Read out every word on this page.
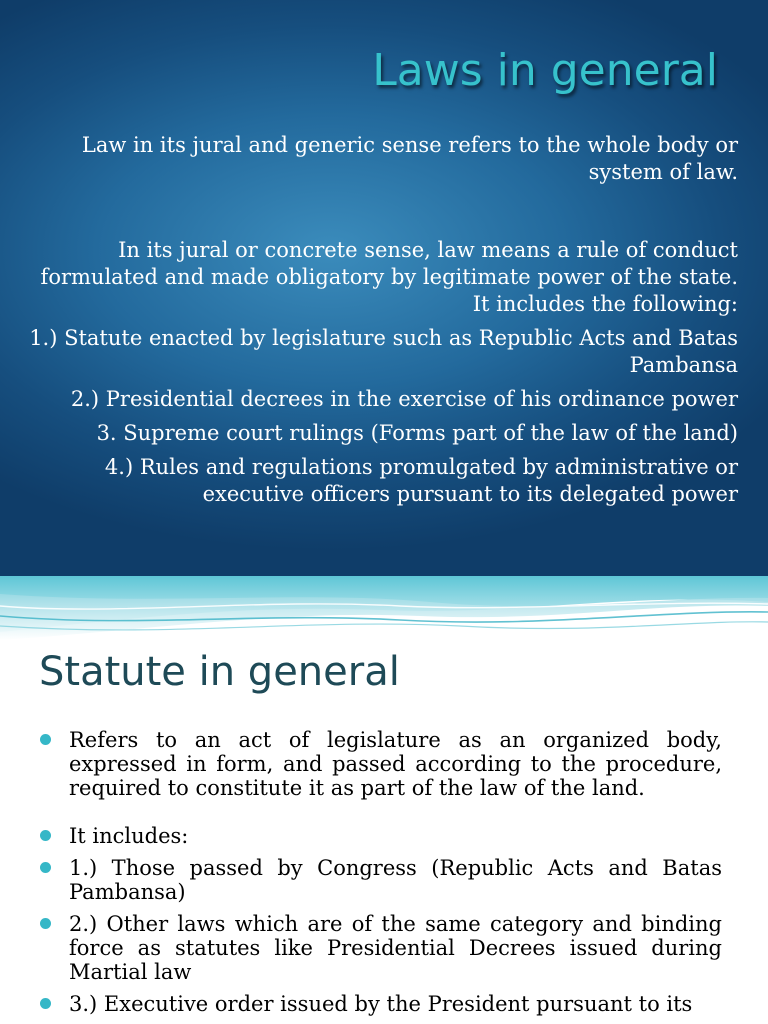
Laws in general

Law in its jural and generic sense refers to the whole body or system of law.

In its jural or concrete sense, law means a rule of conduct formulated and made obligatory by legitimate power of the state.

It includes the following:

1.) Statute enacted by legislature such as Republic Acts and Batas Pambansa

2.) Presidential decrees in the exercise of his ordinance power

3. Supreme court rulings (Forms part of the law of the land)

4.) Rules and regulations promulgated by administrative or executive officers pursuant to its delegated power

Statute in general
Refers to an act of legislature as an organized body, expressed in form, and passed according to the procedure, required to constitute it as part of the law of the land.
It includes:
1.) Those passed by Congress (Republic Acts and Batas Pambansa)
2.) Other laws which are of the same category and binding force as statutes like Presidential Decrees issued during Martial law
3.) Executive order issued by the President pursuant to its
